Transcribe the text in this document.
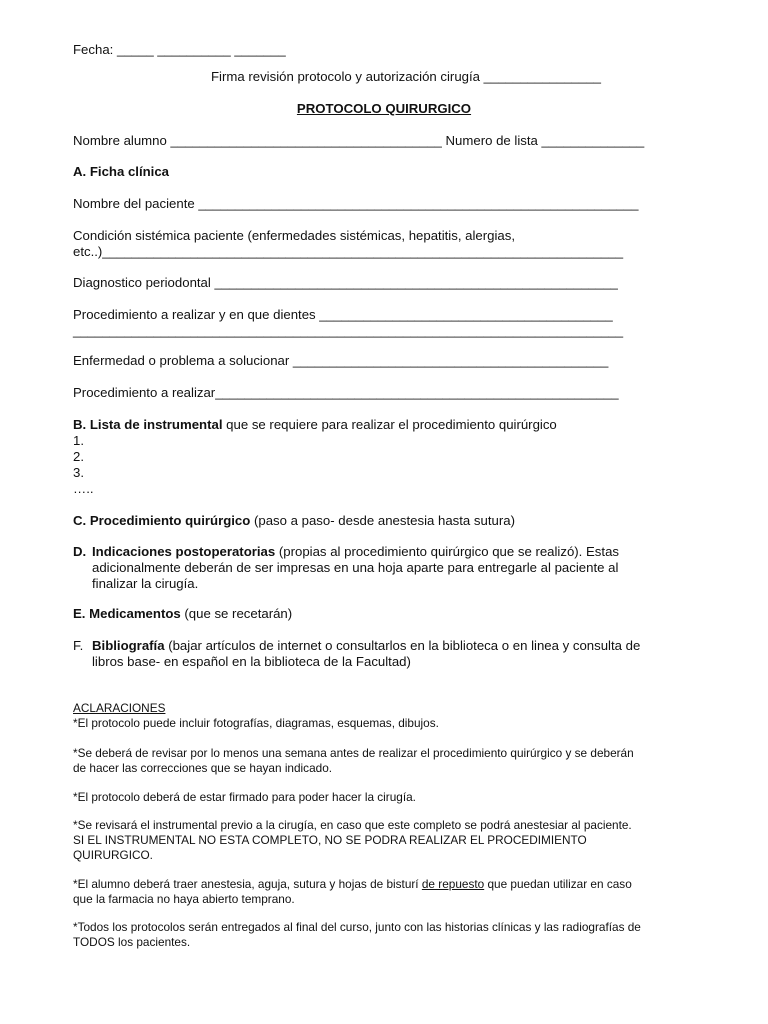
Fecha: _____ __________ _______
Firma revisión protocolo y autorización cirugía ________________
PROTOCOLO QUIRURGICO
Nombre alumno _____________________________________ Numero de lista ______________
A. Ficha clínica
Nombre del paciente ____________________________________________________________
Condición sistémica paciente (enfermedades sistémicas, hepatitis, alergias,
etc..)_______________________________________________________________________
Diagnostico periodontal _______________________________________________________
Procedimiento a realizar y en que dientes ________________________________________
___________________________________________________________________________
Enfermedad o problema a solucionar ___________________________________________
Procedimiento a realizar_______________________________________________________
B. Lista de instrumental que se requiere para realizar el procedimiento quirúrgico
1.
2.
3.
…..
C. Procedimiento quirúrgico (paso a paso- desde anestesia hasta sutura)
D. Indicaciones postoperatorias (propias al procedimiento quirúrgico que se realizó). Estas
adicionalmente deberán de ser impresas en una hoja aparte para entregarle al paciente al
finalizar la cirugía.
E. Medicamentos (que se recetarán)
F. Bibliografía (bajar artículos de internet o consultarlos en la biblioteca o en linea y consulta de
libros base- en español en la biblioteca de la Facultad)
ACLARACIONES
*El protocolo puede incluir fotografías, diagramas, esquemas, dibujos.
*Se deberá de revisar por lo menos una semana antes de realizar el procedimiento quirúrgico y se deberán
de hacer las correcciones que se hayan indicado.
*El protocolo deberá de estar firmado para poder hacer la cirugía.
*Se revisará el instrumental previo a la cirugía, en caso que este completo se podrá anestesiar al paciente.
SI EL INSTRUMENTAL NO ESTA COMPLETO, NO SE PODRA REALIZAR EL PROCEDIMIENTO
QUIRURGICO.
*El alumno deberá traer anestesia, aguja, sutura y hojas de bisturí de repuesto que puedan utilizar en caso
que la farmacia no haya abierto temprano.
*Todos los protocolos serán entregados al final del curso, junto con las historias clínicas y las radiografías de
TODOS los pacientes.
